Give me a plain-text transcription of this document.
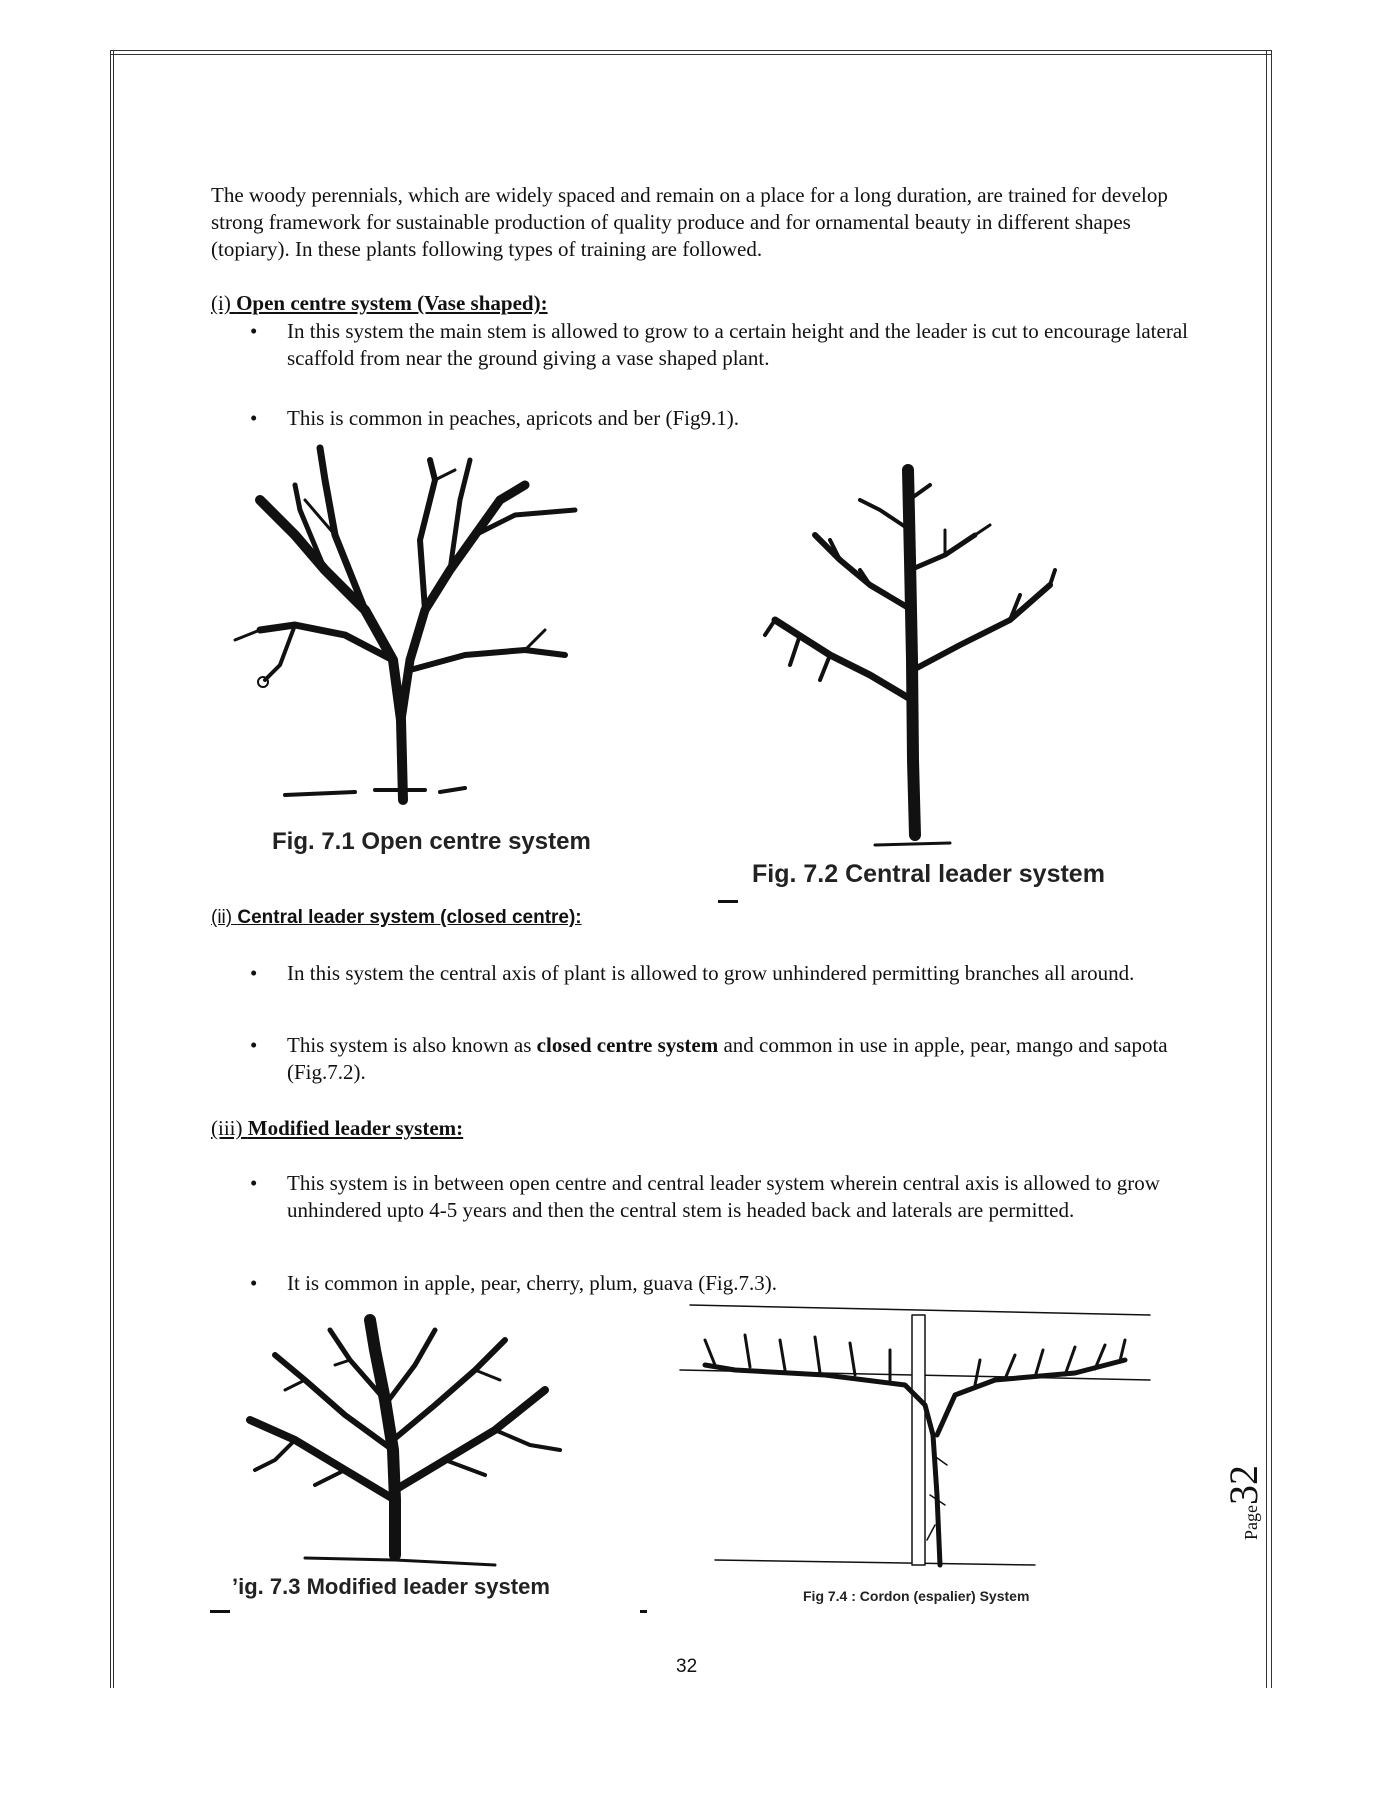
The woody perennials, which are widely spaced and remain on a place for a long duration, are trained for develop strong framework for sustainable production of quality produce and for ornamental beauty in different shapes (topiary). In these plants following types of training are followed.
(i) Open centre system (Vase shaped):
• In this system the main stem is allowed to grow to a certain height and the leader is cut to encourage lateral scaffold from near the ground giving a vase shaped plant.
• This is common in peaches, apricots and ber (Fig9.1).
Fig. 7.1 Open centre system
Fig. 7.2 Central leader system
(ii) Central leader system (closed centre):
• In this system the central axis of plant is allowed to grow unhindered permitting branches all around.
• This system is also known as closed centre system and common in use in apple, pear, mango and sapota (Fig.7.2).
(iii) Modified leader system:
• This system is in between open centre and central leader system wherein central axis is allowed to grow unhindered upto 4-5 years and then the central stem is headed back and laterals are permitted.
• It is common in apple, pear, cherry, plum, guava (Fig.7.3).
ʼig. 7.3 Modified leader system	Fig 7.4 : Cordon (espalier) System
32
Page32
